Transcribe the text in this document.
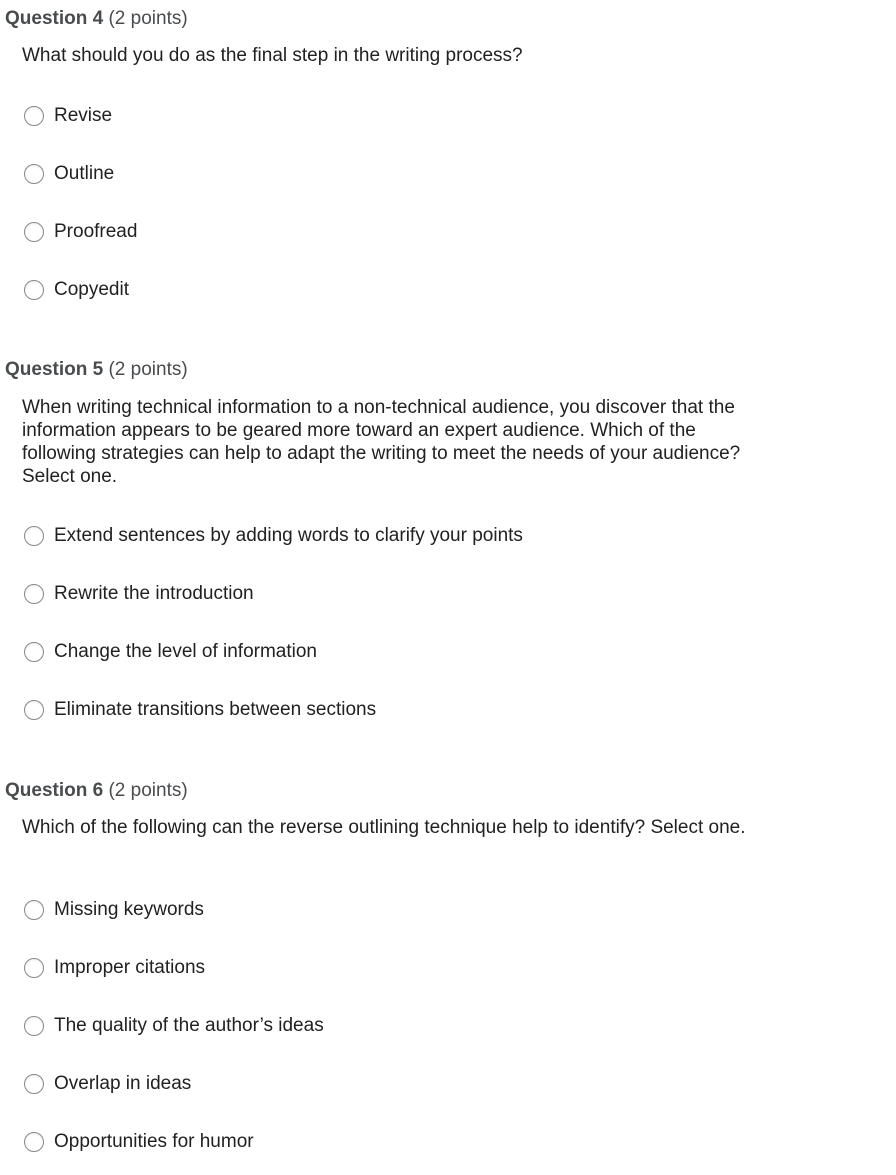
Question 4 (2 points)
What should you do as the final step in the writing process?
Revise
Outline
Proofread
Copyedit
Question 5 (2 points)
When writing technical information to a non-technical audience, you discover that the information appears to be geared more toward an expert audience. Which of the following strategies can help to adapt the writing to meet the needs of your audience? Select one.
Extend sentences by adding words to clarify your points
Rewrite the introduction
Change the level of information
Eliminate transitions between sections
Question 6 (2 points)
Which of the following can the reverse outlining technique help to identify? Select one.
Missing keywords
Improper citations
The quality of the author’s ideas
Overlap in ideas
Opportunities for humor
